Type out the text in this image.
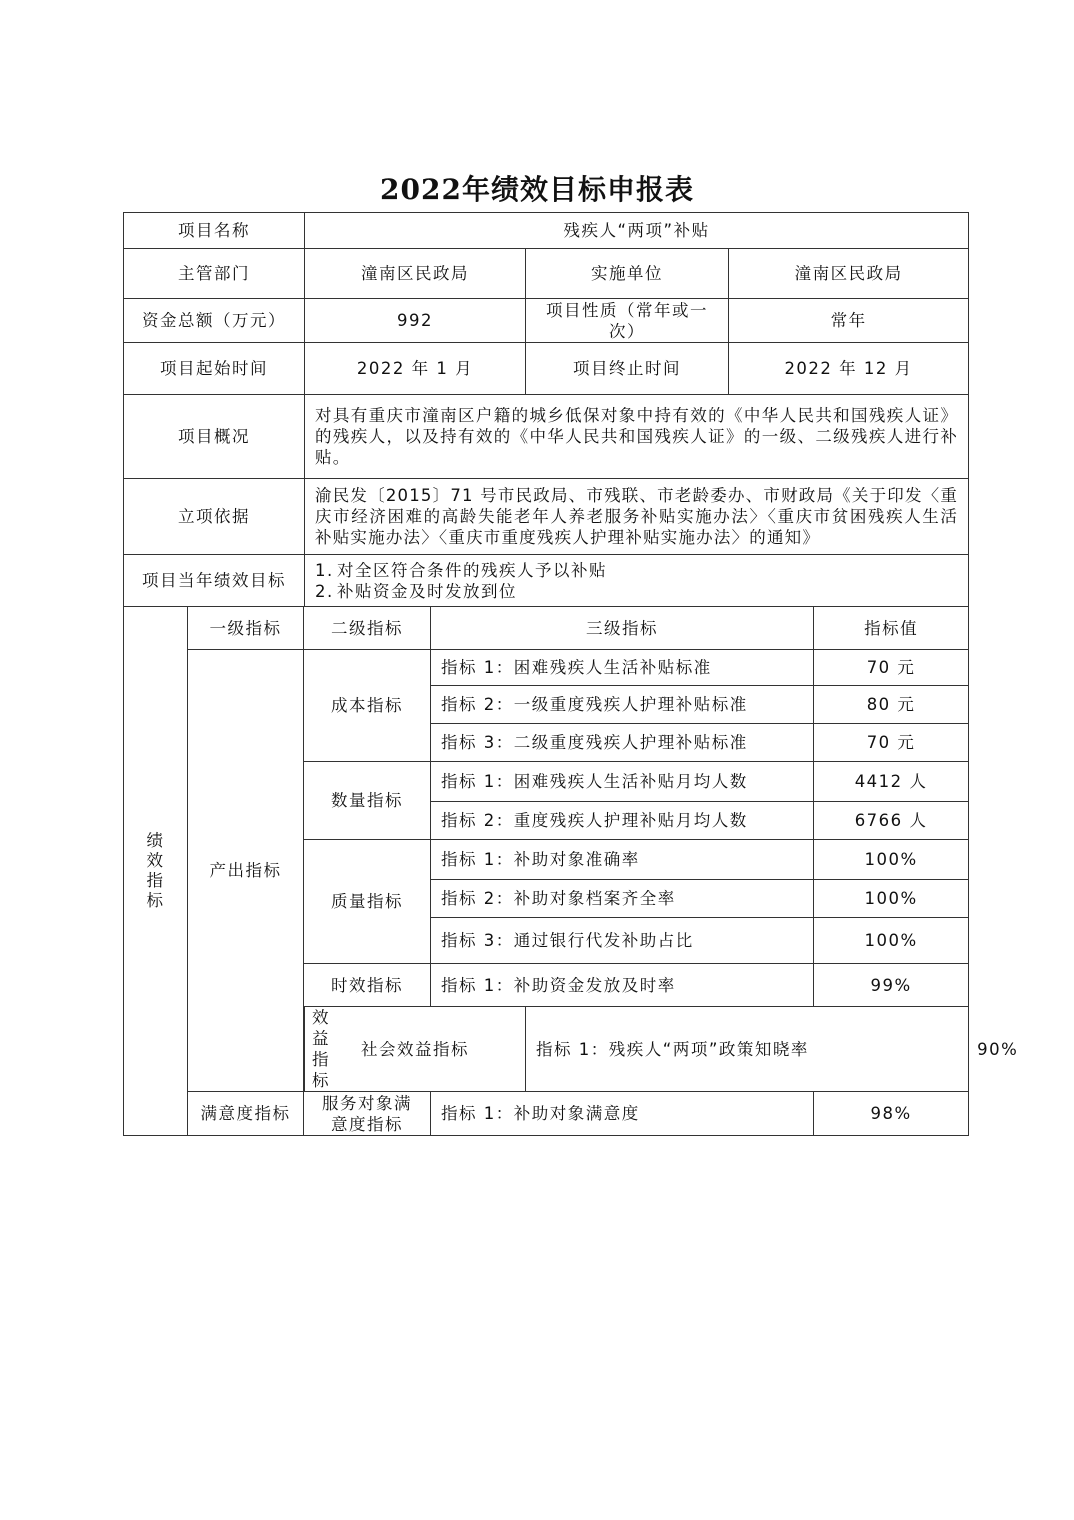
2022年绩效目标申报表
项目名称		残疾人“两项”补贴					
主管部门		潼南区民政局		实施单位	潼南区民政局		
资金总额（万元）		992		项目性质（常年或一次）	常年		
项目起始时间		2022 年 1 月		项目终止时间	2022 年 12 月		
项目概况		对具有重庆市潼南区户籍的城乡低保对象中持有效的《中华人民共和国残疾人证》的残疾人，以及持有效的《中华人民共和国残疾人证》的一级、二级残疾人进行补贴。					
立项依据		渝民发〔2015〕71 号市民政局、市残联、市老龄委办、市财政局《关于印发〈重庆市经济困难的高龄失能老年人养老服务补贴实施办法〉〈重庆市贫困残疾人生活补贴实施办法〉〈重庆市重度残疾人护理补贴实施办法〉的通知》					
项目当年绩效目标		1. 对全区符合条件的残疾人予以补贴
2. 补贴资金及时发放到位					

绩效指标	一级指标	二级指标	三级指标			指标值	
	产出指标	成本指标	指标 1：困难残疾人生活补贴标准			70 元	
			指标 2：一级重度残疾人护理补贴标准			80 元	
			指标 3：二级重度残疾人护理补贴标准			70 元	
		数量指标	指标 1：困难残疾人生活补贴月均人数			4412 人	
			指标 2：重度残疾人护理补贴月均人数			6766 人	
		质量指标	指标 1：补助对象准确率			100%	
			指标 2：补助对象档案齐全率			100%	
			指标 3：通过银行代发补助占比			100%	
		时效指标	指标 1：补助资金发放及时率			99%	
		效益指标	社会效益指标		指标 1：残疾人“两项”政策知晓率			90%
	满意度指标	服务对象满意度指标	指标 1：补助对象满意度			98%	
